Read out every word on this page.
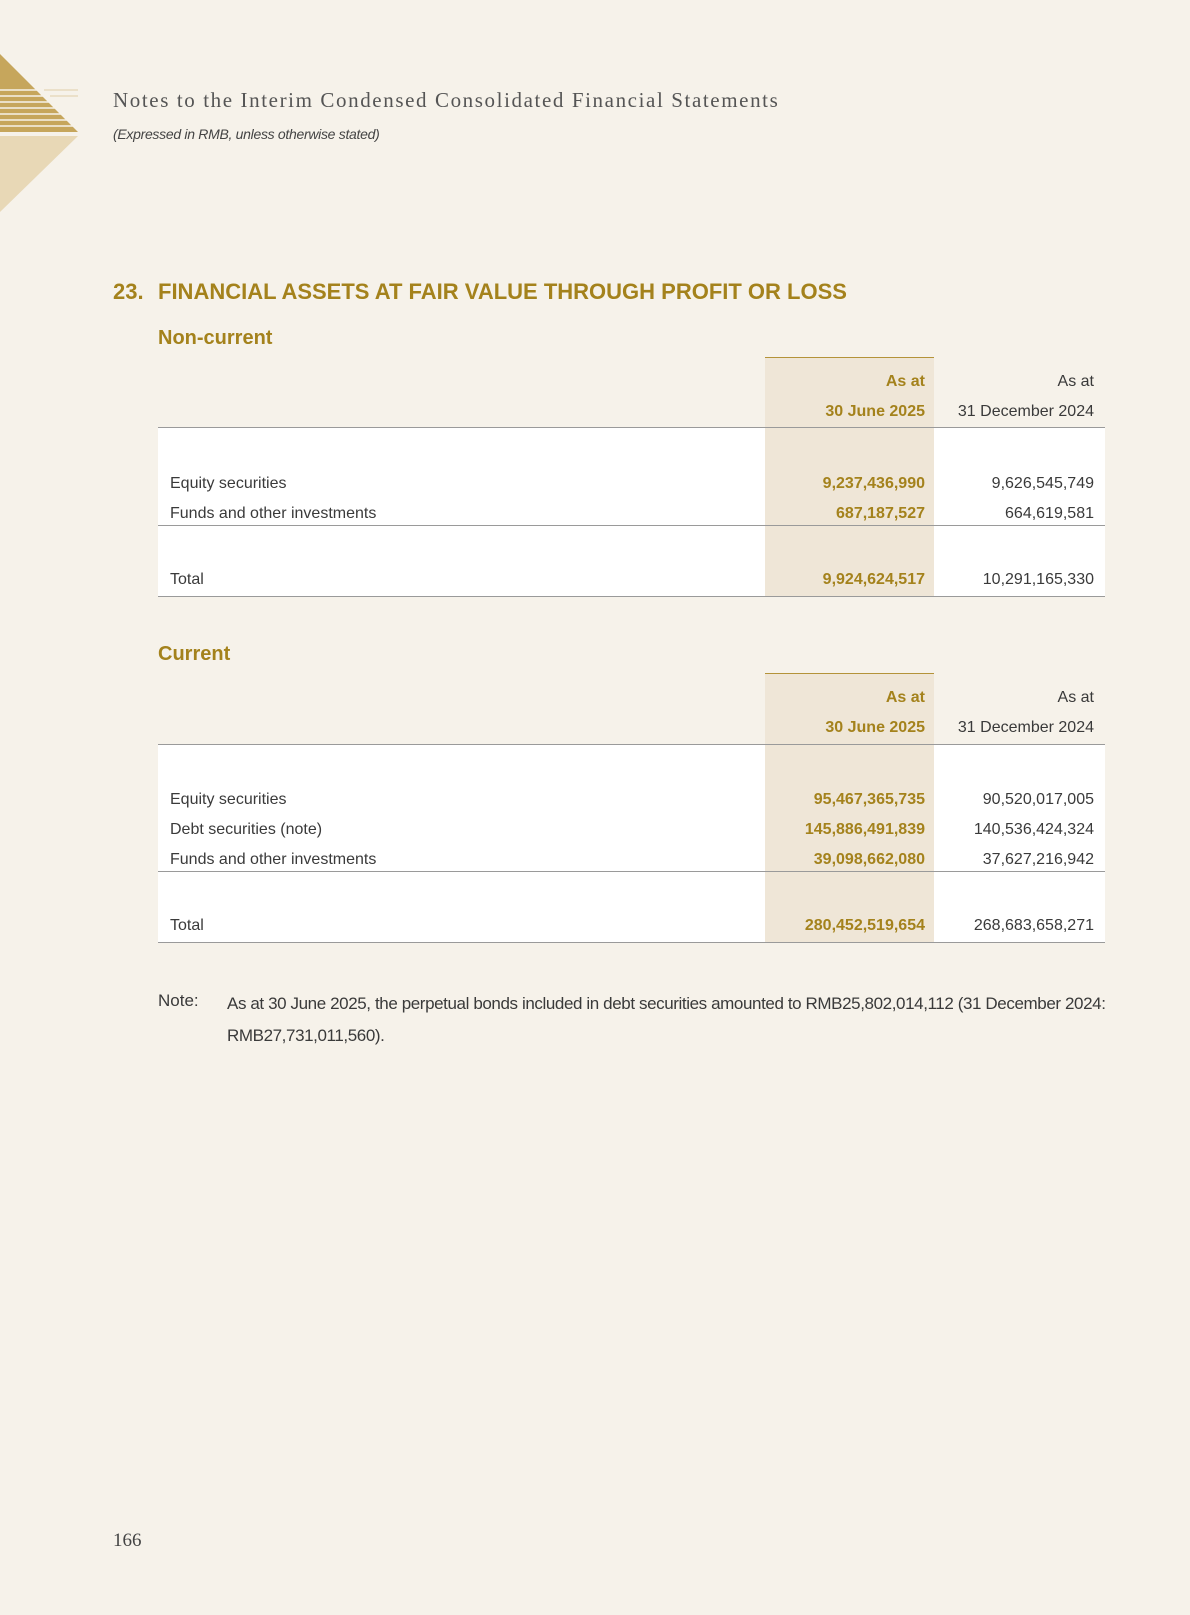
Notes to the Interim Condensed Consolidated Financial Statements
(Expressed in RMB, unless otherwise stated)
23. FINANCIAL ASSETS AT FAIR VALUE THROUGH PROFIT OR LOSS
Non-current
As at
30 June 2025
As at
31 December 2024
Equity securities	9,237,436,990	9,626,545,749
Funds and other investments	687,187,527	664,619,581
Total	9,924,624,517	10,291,165,330
Current
As at
30 June 2025
As at
31 December 2024
Equity securities	95,467,365,735	90,520,017,005
Debt securities (note)	145,886,491,839	140,536,424,324
Funds and other investments	39,098,662,080	37,627,216,942
Total	280,452,519,654	268,683,658,271
Note: As at 30 June 2025, the perpetual bonds included in debt securities amounted to RMB25,802,014,112 (31 December 2024: RMB27,731,011,560).
166
